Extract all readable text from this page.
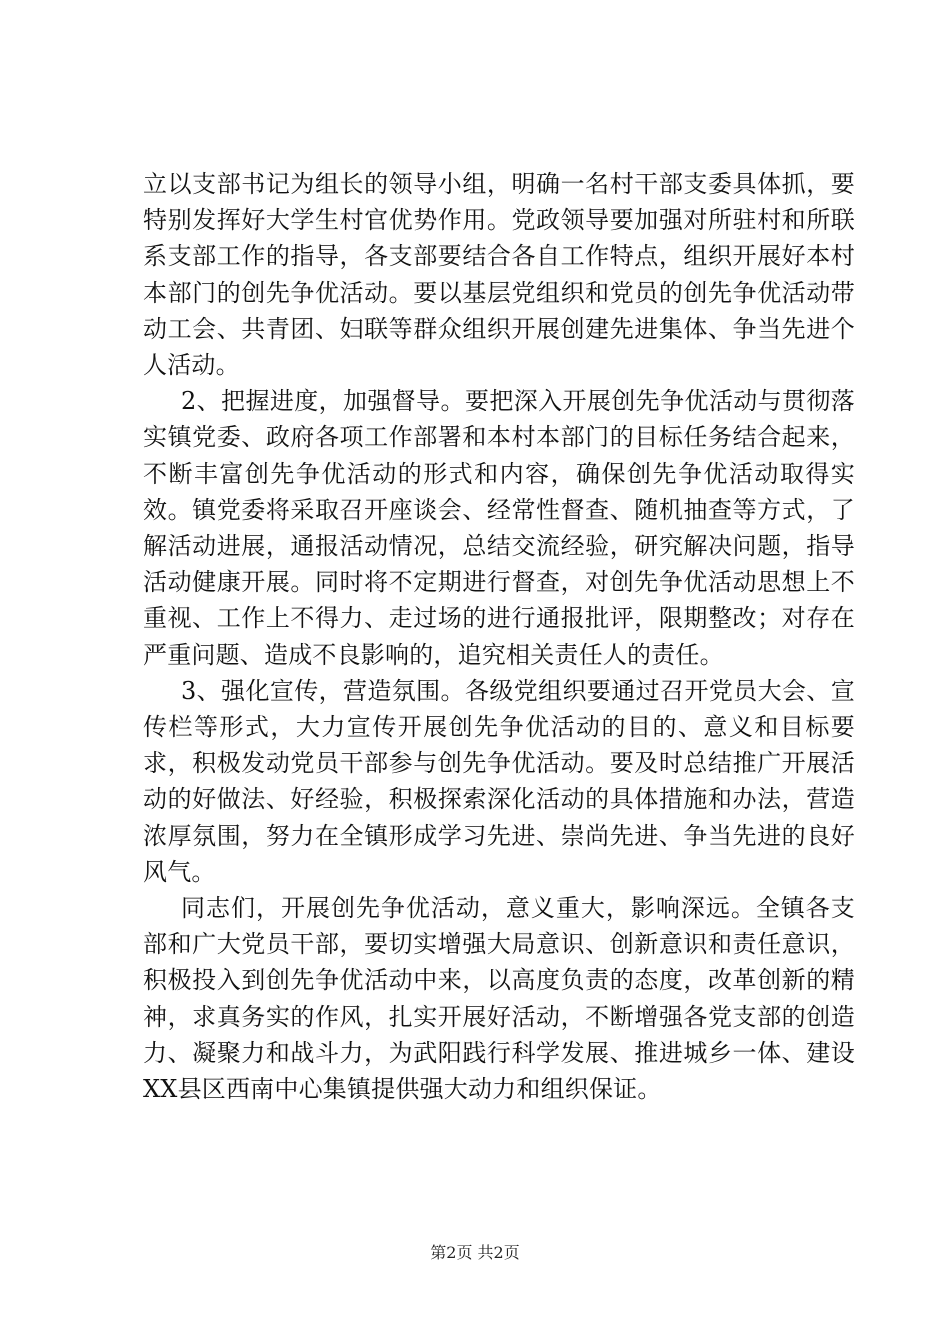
立以支部书记为组长的领导小组，明确一名村干部支委具体抓，要特别发挥好大学生村官优势作用。党政领导要加强对所驻村和所联系支部工作的指导，各支部要结合各自工作特点，组织开展好本村本部门的创先争优活动。要以基层党组织和党员的创先争优活动带动工会、共青团、妇联等群众组织开展创建先进集体、争当先进个人活动。

2、把握进度，加强督导。要把深入开展创先争优活动与贯彻落实镇党委、政府各项工作部署和本村本部门的目标任务结合起来，不断丰富创先争优活动的形式和内容，确保创先争优活动取得实效。镇党委将采取召开座谈会、经常性督查、随机抽查等方式，了解活动进展，通报活动情况，总结交流经验，研究解决问题，指导活动健康开展。同时将不定期进行督查，对创先争优活动思想上不重视、工作上不得力、走过场的进行通报批评，限期整改；对存在严重问题、造成不良影响的，追究相关责任人的责任。

3、强化宣传，营造氛围。各级党组织要通过召开党员大会、宣传栏等形式，大力宣传开展创先争优活动的目的、意义和目标要求，积极发动党员干部参与创先争优活动。要及时总结推广开展活动的好做法、好经验，积极探索深化活动的具体措施和办法，营造浓厚氛围，努力在全镇形成学习先进、崇尚先进、争当先进的良好风气。

同志们，开展创先争优活动，意义重大，影响深远。全镇各支部和广大党员干部，要切实增强大局意识、创新意识和责任意识，积极投入到创先争优活动中来，以高度负责的态度，改革创新的精神，求真务实的作风，扎实开展好活动，不断增强各党支部的创造力、凝聚力和战斗力，为武阳践行科学发展、推进城乡一体、建设XX县区西南中心集镇提供强大动力和组织保证。

第2页 共2页
